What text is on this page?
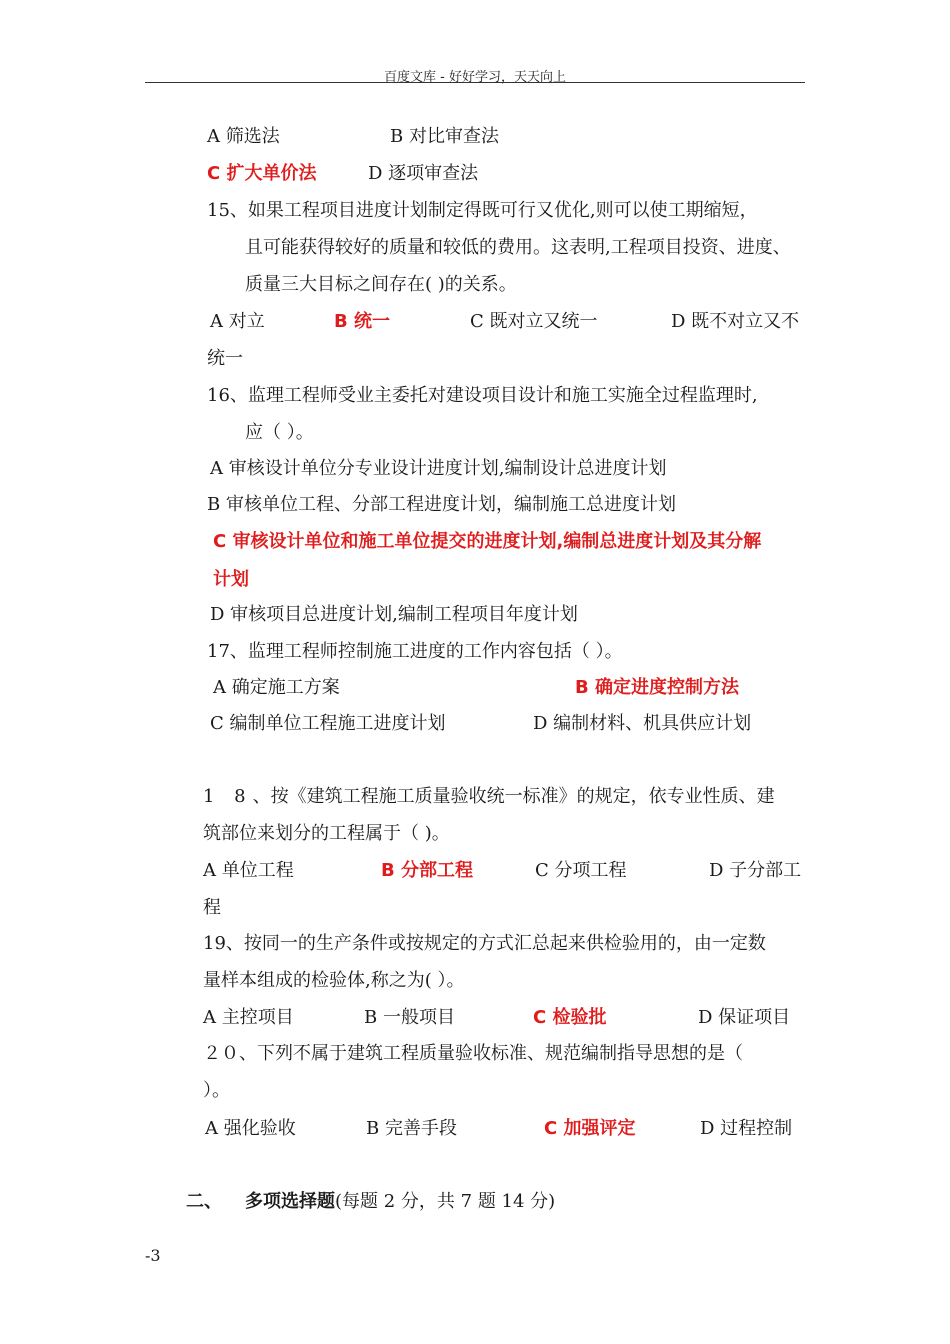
百度文库 - 好好学习，天天向上
A 筛选法	B 对比审查法
C 扩大单价法	D 逐项审查法
15、如果工程项目进度计划制定得既可行又优化,则可以使工期缩短，
且可能获得较好的质量和较低的费用。这表明,工程项目投资、进度、
质量三大目标之间存在( )的关系。
A 对立	B 统一	C 既对立又统一	D 既不对立又不
统一
16、监理工程师受业主委托对建设项目设计和施工实施全过程监理时,
应（ ）。
A 审核设计单位分专业设计进度计划,编制设计总进度计划
B 审核单位工程、分部工程进度计划，编制施工总进度计划
C 审核设计单位和施工单位提交的进度计划,编制总进度计划及其分解
计划
D 审核项目总进度计划,编制工程项目年度计划
17、监理工程师控制施工进度的工作内容包括（ ）。
A 确定施工方案	B 确定进度控制方法
C 编制单位工程施工进度计划	D 编制材料、机具供应计划
1 8、按《建筑工程施工质量验收统一标准》的规定，依专业性质、建
筑部位来划分的工程属于（ )。
A 单位工程	B 分部工程	C 分项工程	D 子分部工
程
19、按同一的生产条件或按规定的方式汇总起来供检验用的，由一定数
量样本组成的检验体,称之为( ）。
A 主控项目	B 一般项目	C 检验批	D 保证项目
２０、下列不属于建筑工程质量验收标准、规范编制指导思想的是（
）。
A 强化验收	B 完善手段	C 加强评定	D 过程控制
二、 多项选择题(每题 2 分，共 7 题 14 分)
-3
